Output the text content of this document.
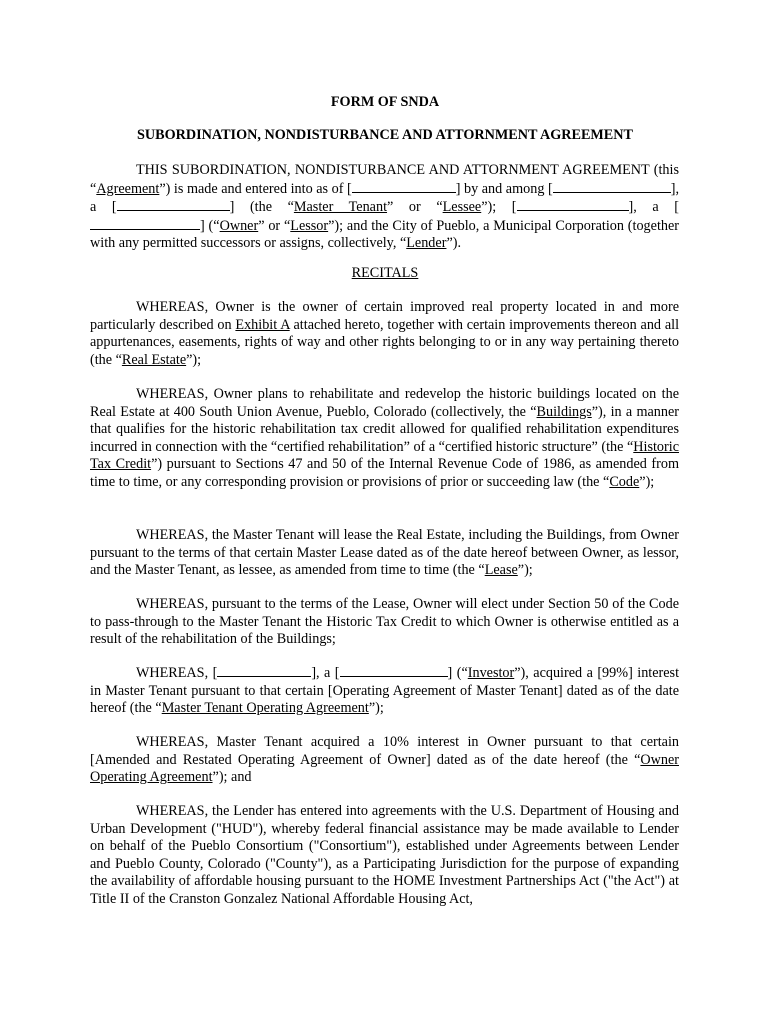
FORM OF SNDA
SUBORDINATION, NONDISTURBANCE AND ATTORNMENT AGREEMENT

THIS SUBORDINATION, NONDISTURBANCE AND ATTORNMENT AGREEMENT (this “Agreement”) is made and entered into as of [	] by and among [	], a [	] (the “Master Tenant” or “Lessee”); [	], a [] (“Owner” or “Lessor”); and the City of Pueblo, a Municipal Corporation (together with any permitted successors or assigns, collectively, “Lender”).

RECITALS

WHEREAS, Owner is the owner of certain improved real property located in and more particularly described on Exhibit A attached hereto, together with certain improvements thereon and all appurtenances, easements, rights of way and other rights belonging to or in any way pertaining thereto (the “Real Estate”);

WHEREAS, Owner plans to rehabilitate and redevelop the historic buildings located on the Real Estate at 400 South Union Avenue, Pueblo, Colorado (collectively, the “Buildings”), in a manner that qualifies for the historic rehabilitation tax credit allowed for qualified rehabilitation expenditures incurred in connection with the “certified rehabilitation” of a “certified historic structure” (the “Historic Tax Credit”) pursuant to Sections 47 and 50 of the Internal Revenue Code of 1986, as amended from time to time, or any corresponding provision or provisions of prior or succeeding law (the “Code”);

WHEREAS, the Master Tenant will lease the Real Estate, including the Buildings, from Owner pursuant to the terms of that certain Master Lease dated as of the date hereof between Owner, as lessor, and the Master Tenant, as lessee, as amended from time to time (the “Lease”);

WHEREAS, pursuant to the terms of the Lease, Owner will elect under Section 50 of the Code to pass-through to the Master Tenant the Historic Tax Credit to which Owner is otherwise entitled as a result of the rehabilitation of the Buildings;

WHEREAS, [	], a [	] (“Investor”), acquired a [99%] interest in Master Tenant pursuant to that certain [Operating Agreement of Master Tenant] dated as of the date hereof (the “Master Tenant Operating Agreement”);

WHEREAS, Master Tenant acquired a 10% interest in Owner pursuant to that certain [Amended and Restated Operating Agreement of Owner] dated as of the date hereof (the “Owner Operating Agreement”); and

WHEREAS, the Lender has entered into agreements with the U.S. Department of Housing and Urban Development ("HUD"), whereby federal financial assistance may be made available to Lender on behalf of the Pueblo Consortium ("Consortium"), established under Agreements between Lender and Pueblo County, Colorado ("County"), as a Participating Jurisdiction for the purpose of expanding the availability of affordable housing pursuant to the HOME Investment Partnerships Act ("the Act") at Title II of the Cranston Gonzalez National Affordable Housing Act,
